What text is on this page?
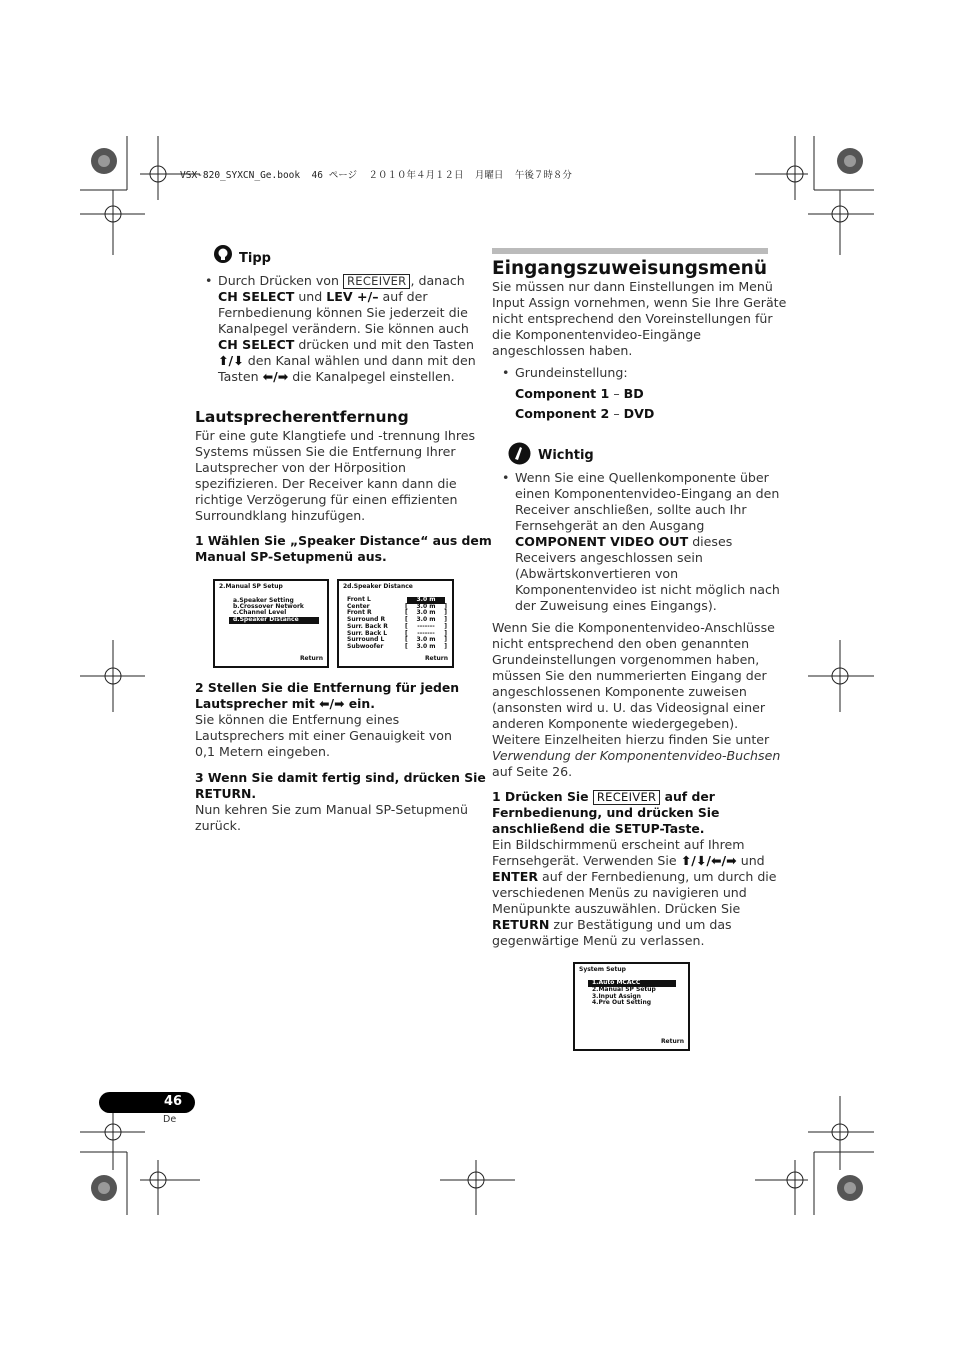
VSX-820_SYXCN_Ge.book  46 ページ  ２０１０年４月１２日  月曜日  午後７時８分
Tipp
• Durch Drücken von RECEIVER , danach
CH SELECT und LEV +/– auf der
Fernbedienung können Sie jederzeit die
Kanalpegel verändern. Sie können auch
CH SELECT drücken und mit den Tasten
⬆/⬇ den Kanal wählen und dann mit den
Tasten ⬅/➡ die Kanalpegel einstellen.
Lautsprecherentfernung
Für eine gute Klangtiefe und -trennung Ihres
Systems müssen Sie die Entfernung Ihrer
Lautsprecher von der Hörposition
spezifizieren. Der Receiver kann dann die
richtige Verzögerung für einen effizienten
Surroundklang hinzufügen.
1 Wählen Sie „Speaker Distance“ aus dem
Manual SP-Setupmenü aus.
2.Manual SP Setup
a.Speaker Setting
b.Crossover Network
c.Channel Level
d.Speaker Distance
Return
2d.Speaker Distance
Front L
Center
Front R
Surround R
Surr. Back R
Surr. Back L
Surround L
Subwoofer
3.0 m
[ 3.0 m ]
[ 3.0 m ]
[ 3.0 m ]
[ ------- ]
[ ------- ]
[ 3.0 m ]
[ 3.0 m ]
Return
2 Stellen Sie die Entfernung für jeden
Lautsprecher mit ⬅/➡ ein.
Sie können die Entfernung eines
Lautsprechers mit einer Genauigkeit von
0,1 Metern eingeben.
3 Wenn Sie damit fertig sind, drücken Sie
RETURN.
Nun kehren Sie zum Manual SP-Setupmenü
zurück.
Eingangszuweisungsmenü
Sie müssen nur dann Einstellungen im Menü
Input Assign vornehmen, wenn Sie Ihre Geräte
nicht entsprechend den Voreinstellungen für
die Komponentenvideo-Eingänge
angeschlossen haben.
• Grundeinstellung:
Component 1 – BD
Component 2 – DVD
Wichtig
• Wenn Sie eine Quellenkomponente über
einen Komponentenvideo-Eingang an den
Receiver anschließen, sollte auch Ihr
Fernsehgerät an den Ausgang
COMPONENT VIDEO OUT dieses
Receivers angeschlossen sein
(Abwärtskonvertieren von
Komponentenvideo ist nicht möglich nach
der Zuweisung eines Eingangs).
Wenn Sie die Komponentenvideo-Anschlüsse
nicht entsprechend den oben genannten
Grundeinstellungen vorgenommen haben,
müssen Sie den nummerierten Eingang der
angeschlossenen Komponente zuweisen
(ansonsten wird u. U. das Videosignal einer
anderen Komponente wiedergegeben).
Weitere Einzelheiten hierzu finden Sie unter
Verwendung der Komponentenvideo-Buchsen
auf Seite 26.
1 Drücken Sie RECEIVER auf der
Fernbedienung, und drücken Sie
anschließend die SETUP-Taste.
Ein Bildschirmmenü erscheint auf Ihrem
Fernsehgerät. Verwenden Sie ⬆/⬇/⬅/➡ und
ENTER auf der Fernbedienung, um durch die
verschiedenen Menüs zu navigieren und
Menüpunkte auszuwählen. Drücken Sie
RETURN zur Bestätigung und um das
gegenwärtige Menü zu verlassen.
System Setup
1.Auto MCACC
2.Manual SP Setup
3.Input Assign
4.Pre Out Setting
Return
46
De
